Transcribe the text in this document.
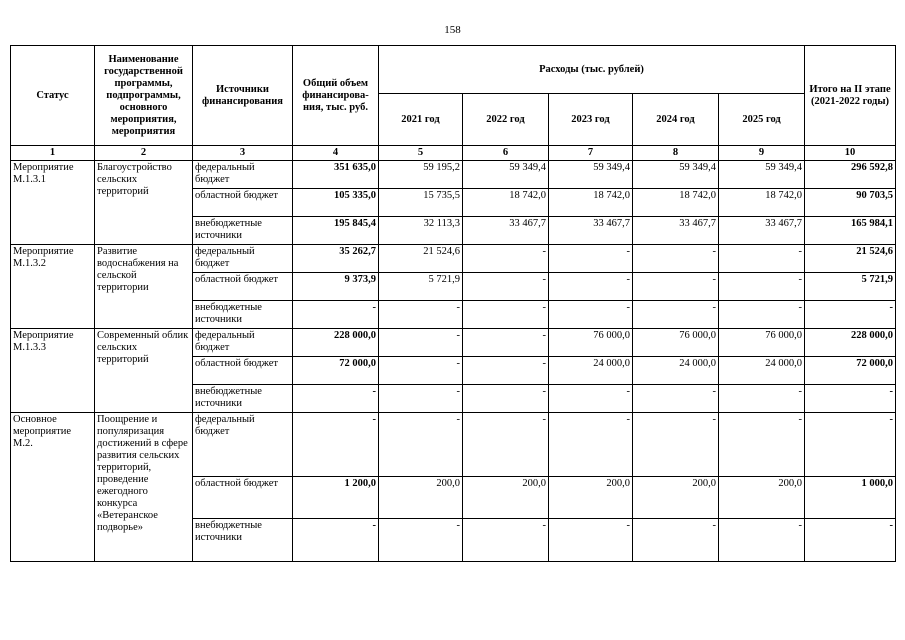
158
Статус	Наименование государственной программы, подпрограммы, основного мероприятия, мероприятия	Источники финансирования	Общий объем финансирова-ния, тыс. руб.	Расходы (тыс. рублей)					Итого на II этапе (2021-2022 годы)
				2021 год	2022 год	2023 год	2024 год	2025 год	
1	2	3	4	5	6	7	8	9	10
Мероприятие М.1.3.1	Благоустройство сельских территорий	федеральный бюджет	351 635,0	59 195,2	59 349,4	59 349,4	59 349,4	59 349,4	296 592,8
		областной бюджет	105 335,0	15 735,5	18 742,0	18 742,0	18 742,0	18 742,0	90 703,5
		внебюджетные источники	195 845,4	32 113,3	33 467,7	33 467,7	33 467,7	33 467,7	165 984,1
Мероприятие М.1.3.2	Развитие водоснабжения на сельской территории	федеральный бюджет	35 262,7	21 524,6	-	-	-	-	21 524,6
		областной бюджет	9 373,9	5 721,9	-	-	-	-	5 721,9
		внебюджетные источники	-	-	-	-	-	-	-
Мероприятие М.1.3.3	Современный облик сельских территорий	федеральный бюджет	228 000,0	-	-	76 000,0	76 000,0	76 000,0	228 000,0
		областной бюджет	72 000,0	-	-	24 000,0	24 000,0	24 000,0	72 000,0
		внебюджетные источники	-	-	-	-	-	-	-
Основное мероприятие М.2.	Поощрение и популяризация достижений в сфере развития сельских территорий, проведение ежегодного конкурса «Ветеранское подворье»	федеральный бюджет	-	-	-	-	-	-	-
		областной бюджет	1 200,0	200,0	200,0	200,0	200,0	200,0	1 000,0
		внебюджетные источники	-	-	-	-	-	-	-
